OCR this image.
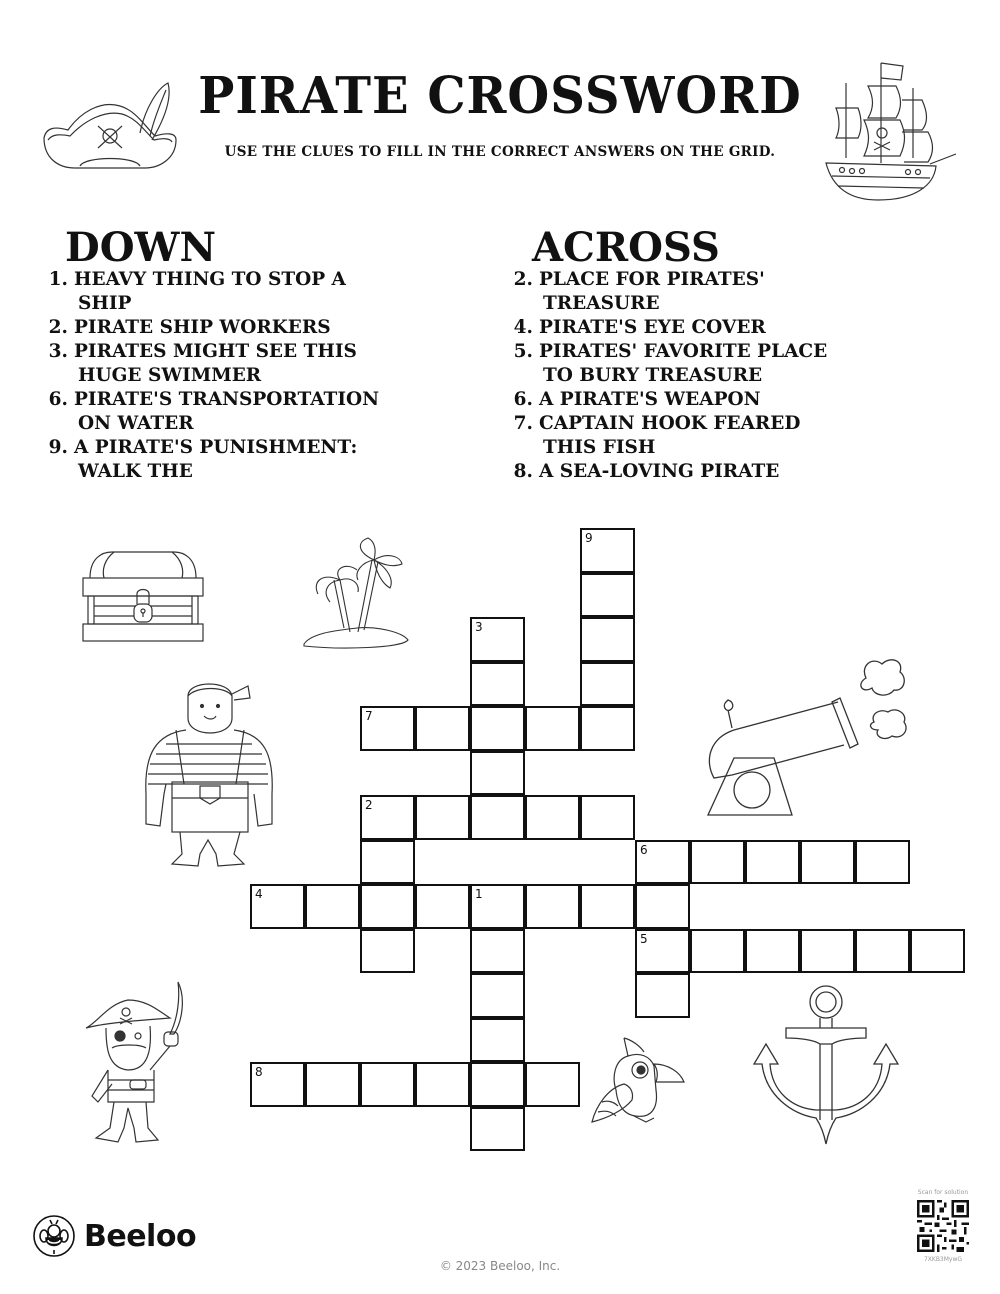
PIRATE CROSSWORD
USE THE CLUES TO FILL IN THE CORRECT ANSWERS ON THE GRID.
DOWN
1. HEAVY THING TO STOP A
SHIP
2. PIRATE SHIP WORKERS
3. PIRATES MIGHT SEE THIS
HUGE SWIMMER
6. PIRATE'S TRANSPORTATION
ON WATER
9. A PIRATE'S PUNISHMENT:
WALK THE
ACROSS
2. PLACE FOR PIRATES'
TREASURE
4. PIRATE'S EYE COVER
5. PIRATES' FAVORITE PLACE
TO BURY TREASURE
6. A PIRATE'S WEAPON
7. CAPTAIN HOOK FEARED
THIS FISH
8. A SEA-LOVING PIRATE
9
3
7
2
6
5
4	1
8
Beeloo
© 2023 Beeloo, Inc.
Scan for solution
7XKB3MywG
